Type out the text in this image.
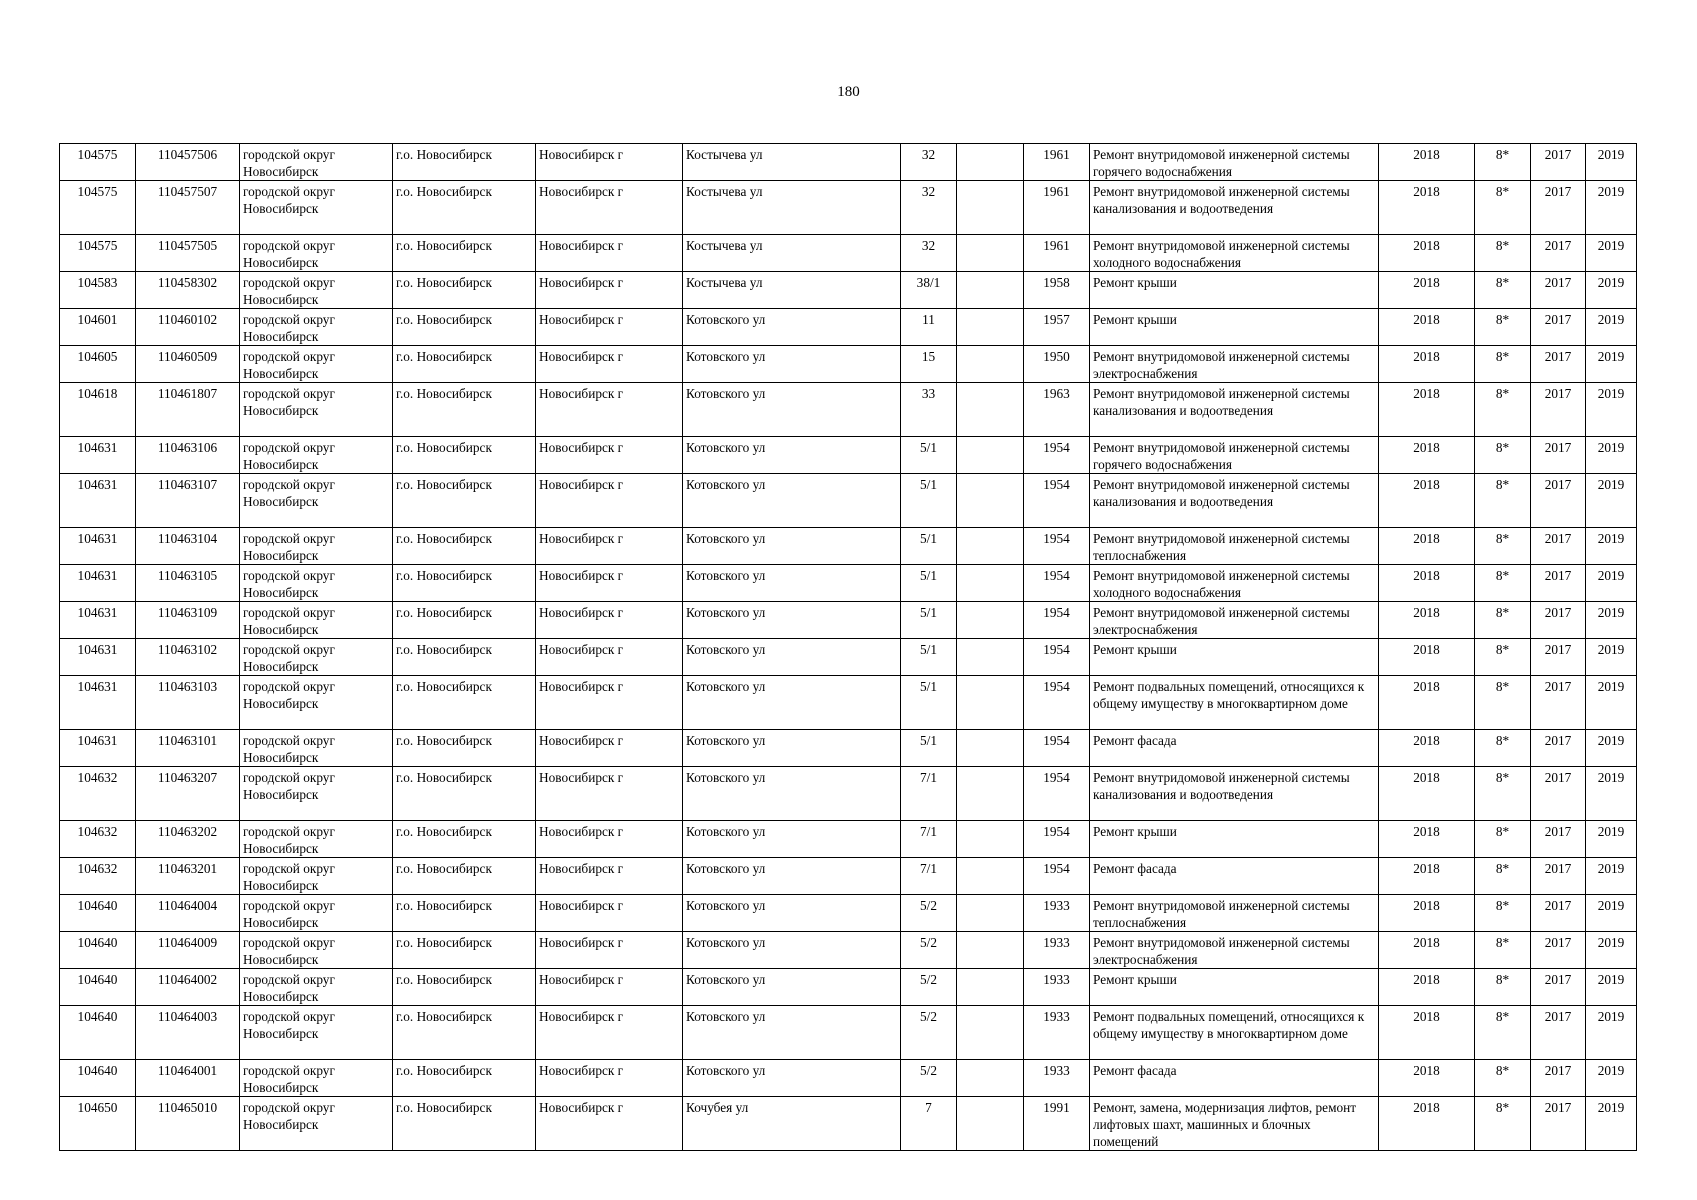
180
104575	110457506	городской округ Новосибирск	г.о. Новосибирск	Новосибирск г	Костычева ул	32		1961	Ремонт внутридомовой инженерной системы горячего водоснабжения	2018	8*	2017	2019
104575	110457507	городской округ Новосибирск	г.о. Новосибирск	Новосибирск г	Костычева ул	32		1961	Ремонт внутридомовой инженерной системы канализования и водоотведения	2018	8*	2017	2019
104575	110457505	городской округ Новосибирск	г.о. Новосибирск	Новосибирск г	Костычева ул	32		1961	Ремонт внутридомовой инженерной системы холодного водоснабжения	2018	8*	2017	2019
104583	110458302	городской округ Новосибирск	г.о. Новосибирск	Новосибирск г	Костычева ул	38/1		1958	Ремонт крыши	2018	8*	2017	2019
104601	110460102	городской округ Новосибирск	г.о. Новосибирск	Новосибирск г	Котовского ул	11		1957	Ремонт крыши	2018	8*	2017	2019
104605	110460509	городской округ Новосибирск	г.о. Новосибирск	Новосибирск г	Котовского ул	15		1950	Ремонт внутридомовой инженерной системы электроснабжения	2018	8*	2017	2019
104618	110461807	городской округ Новосибирск	г.о. Новосибирск	Новосибирск г	Котовского ул	33		1963	Ремонт внутридомовой инженерной системы канализования и водоотведения	2018	8*	2017	2019
104631	110463106	городской округ Новосибирск	г.о. Новосибирск	Новосибирск г	Котовского ул	5/1		1954	Ремонт внутридомовой инженерной системы горячего водоснабжения	2018	8*	2017	2019
104631	110463107	городской округ Новосибирск	г.о. Новосибирск	Новосибирск г	Котовского ул	5/1		1954	Ремонт внутридомовой инженерной системы канализования и водоотведения	2018	8*	2017	2019
104631	110463104	городской округ Новосибирск	г.о. Новосибирск	Новосибирск г	Котовского ул	5/1		1954	Ремонт внутридомовой инженерной системы теплоснабжения	2018	8*	2017	2019
104631	110463105	городской округ Новосибирск	г.о. Новосибирск	Новосибирск г	Котовского ул	5/1		1954	Ремонт внутридомовой инженерной системы холодного водоснабжения	2018	8*	2017	2019
104631	110463109	городской округ Новосибирск	г.о. Новосибирск	Новосибирск г	Котовского ул	5/1		1954	Ремонт внутридомовой инженерной системы электроснабжения	2018	8*	2017	2019
104631	110463102	городской округ Новосибирск	г.о. Новосибирск	Новосибирск г	Котовского ул	5/1		1954	Ремонт крыши	2018	8*	2017	2019
104631	110463103	городской округ Новосибирск	г.о. Новосибирск	Новосибирск г	Котовского ул	5/1		1954	Ремонт подвальных помещений, относящихся к общему имуществу в многоквартирном доме	2018	8*	2017	2019
104631	110463101	городской округ Новосибирск	г.о. Новосибирск	Новосибирск г	Котовского ул	5/1		1954	Ремонт фасада	2018	8*	2017	2019
104632	110463207	городской округ Новосибирск	г.о. Новосибирск	Новосибирск г	Котовского ул	7/1		1954	Ремонт внутридомовой инженерной системы канализования и водоотведения	2018	8*	2017	2019
104632	110463202	городской округ Новосибирск	г.о. Новосибирск	Новосибирск г	Котовского ул	7/1		1954	Ремонт крыши	2018	8*	2017	2019
104632	110463201	городской округ Новосибирск	г.о. Новосибирск	Новосибирск г	Котовского ул	7/1		1954	Ремонт фасада	2018	8*	2017	2019
104640	110464004	городской округ Новосибирск	г.о. Новосибирск	Новосибирск г	Котовского ул	5/2		1933	Ремонт внутридомовой инженерной системы теплоснабжения	2018	8*	2017	2019
104640	110464009	городской округ Новосибирск	г.о. Новосибирск	Новосибирск г	Котовского ул	5/2		1933	Ремонт внутридомовой инженерной системы электроснабжения	2018	8*	2017	2019
104640	110464002	городской округ Новосибирск	г.о. Новосибирск	Новосибирск г	Котовского ул	5/2		1933	Ремонт крыши	2018	8*	2017	2019
104640	110464003	городской округ Новосибирск	г.о. Новосибирск	Новосибирск г	Котовского ул	5/2		1933	Ремонт подвальных помещений, относящихся к общему имуществу в многоквартирном доме	2018	8*	2017	2019
104640	110464001	городской округ Новосибирск	г.о. Новосибирск	Новосибирск г	Котовского ул	5/2		1933	Ремонт фасада	2018	8*	2017	2019
104650	110465010	городской округ Новосибирск	г.о. Новосибирск	Новосибирск г	Кочубея ул	7		1991	Ремонт, замена, модернизация лифтов, ремонт лифтовых шахт, машинных и блочных помещений	2018	8*	2017	2019
